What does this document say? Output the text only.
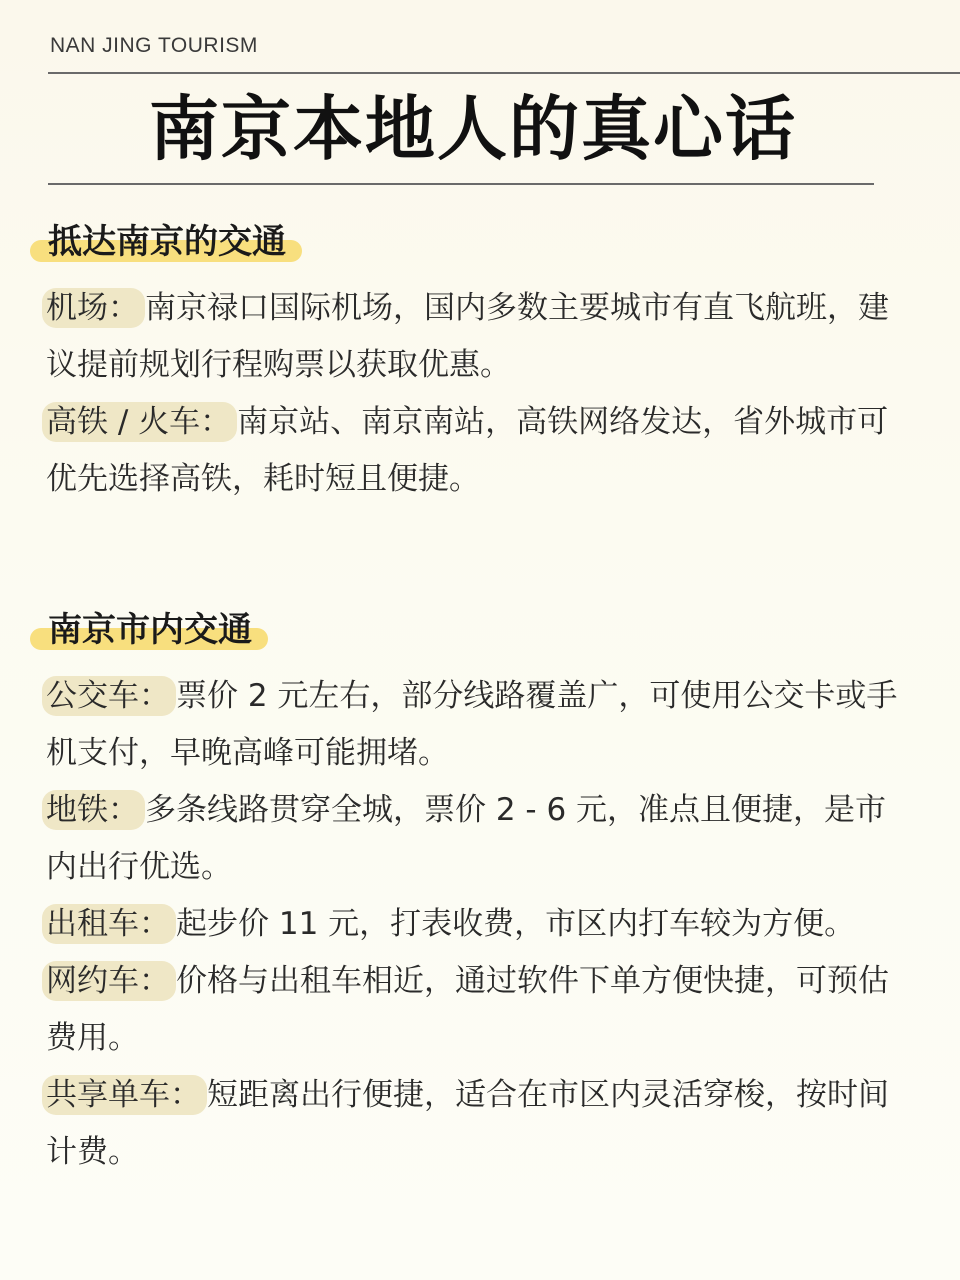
NAN JING TOURISM
南京本地人的真心话
抵达南京的交通
机场： 南京禄口国际机场，国内多数主要城市有直飞航班，建议提前规划行程购票以获取优惠。
高铁 / 火车： 南京站、南京南站，高铁网络发达，省外城市可优先选择高铁，耗时短且便捷。
南京市内交通
公交车： 票价 2 元左右，部分线路覆盖广，可使用公交卡或手机支付，早晚高峰可能拥堵。
地铁： 多条线路贯穿全城，票价 2 - 6 元，准点且便捷，是市内出行优选。
出租车： 起步价 11 元，打表收费，市区内打车较为方便。
网约车： 价格与出租车相近，通过软件下单方便快捷，可预估费用。
共享单车： 短距离出行便捷，适合在市区内灵活穿梭，按时间计费。
